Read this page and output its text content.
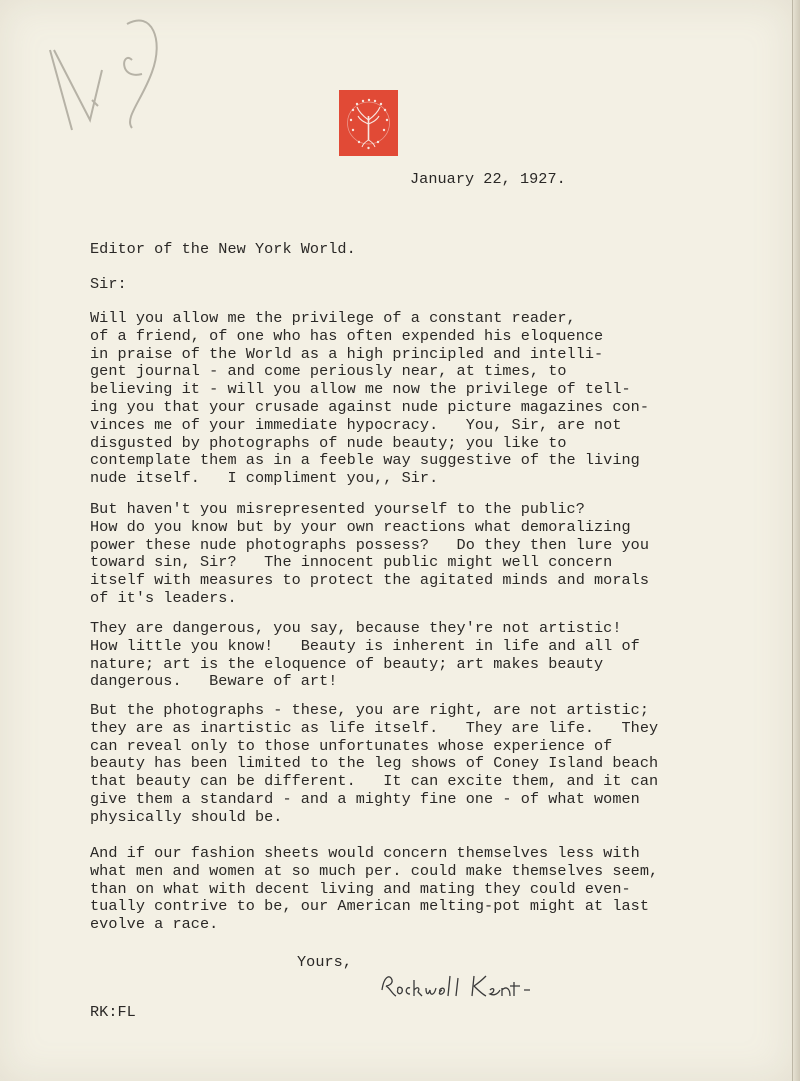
January 22, 1927.
Editor of the New York World.
Sir:
Will you allow me the privilege of a constant reader,
of a friend, of one who has often expended his eloquence
in praise of the World as a high principled and intelli-
gent journal - and come periously near, at times, to
believing it - will you allow me now the privilege of tell-
ing you that your crusade against nude picture magazines con-
vinces me of your immediate hypocracy.   You, Sir, are not
disgusted by photographs of nude beauty; you like to
contemplate them as in a feeble way suggestive of the living
nude itself.   I compliment you,, Sir.
But haven't you misrepresented yourself to the public?
How do you know but by your own reactions what demoralizing
power these nude photographs possess?   Do they then lure you
toward sin, Sir?   The innocent public might well concern
itself with measures to protect the agitated minds and morals
of it's leaders.
They are dangerous, you say, because they're not artistic!
How little you know!   Beauty is inherent in life and all of
nature; art is the eloquence of beauty; art makes beauty
dangerous.   Beware of art!
But the photographs - these, you are right, are not artistic;
they are as inartistic as life itself.   They are life.   They
can reveal only to those unfortunates whose experience of
beauty has been limited to the leg shows of Coney Island beach
that beauty can be different.   It can excite them, and it can
give them a standard - and a mighty fine one - of what women
physically should be.
And if our fashion sheets would concern themselves less with
what men and women at so much per. could make themselves seem,
than on what with decent living and mating they could even-
tually contrive to be, our American melting-pot might at last
evolve a race.
Yours,
RK:FL
